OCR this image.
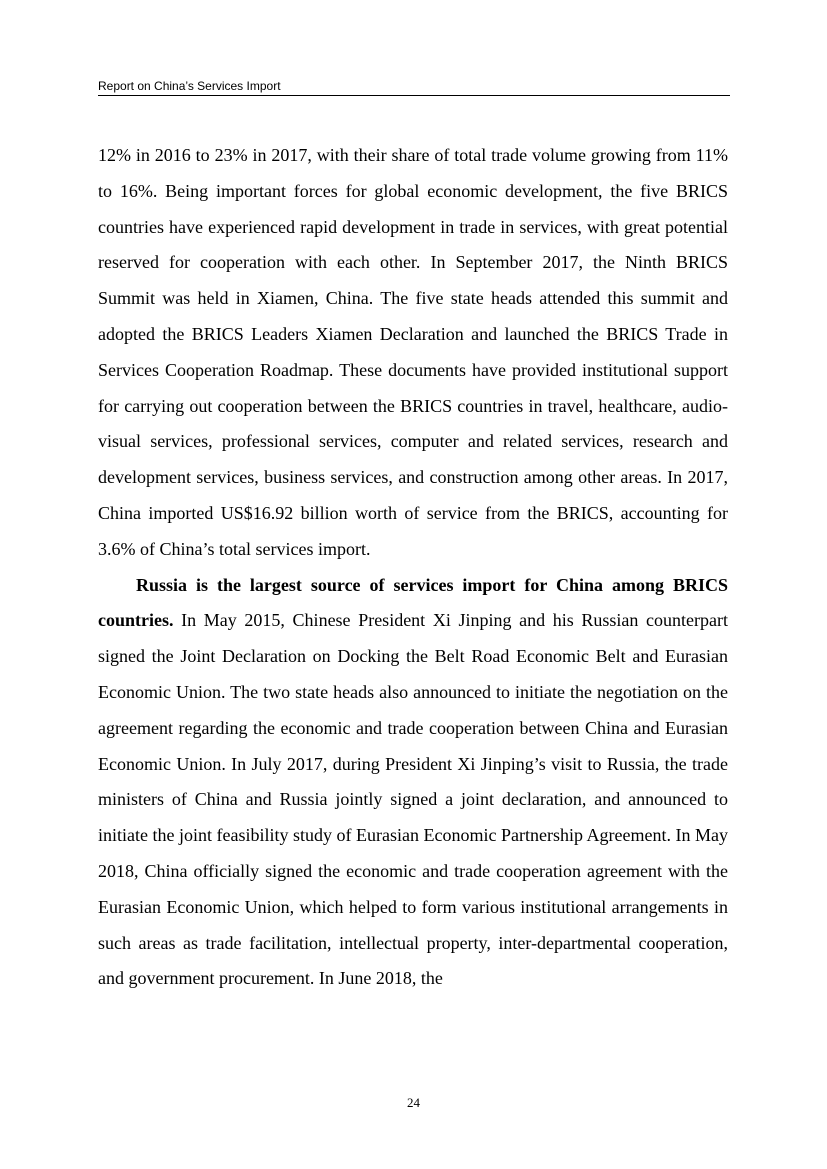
Report on China’s Services Import

12% in 2016 to 23% in 2017, with their share of total trade volume growing from 11% to 16%. Being important forces for global economic development, the five BRICS countries have experienced rapid development in trade in services, with great potential reserved for cooperation with each other. In September 2017, the Ninth BRICS Summit was held in Xiamen, China. The five state heads attended this summit and adopted the BRICS Leaders Xiamen Declaration and launched the BRICS Trade in Services Cooperation Roadmap. These documents have provided institutional support for carrying out cooperation between the BRICS countries in travel, healthcare, audio-visual services, professional services, computer and related services, research and development services, business services, and construction among other areas. In 2017, China imported US$16.92 billion worth of service from the BRICS, accounting for 3.6% of China’s total services import.

Russia is the largest source of services import for China among BRICS countries. In May 2015, Chinese President Xi Jinping and his Russian counterpart signed the Joint Declaration on Docking the Belt Road Economic Belt and Eurasian Economic Union. The two state heads also announced to initiate the negotiation on the agreement regarding the economic and trade cooperation between China and Eurasian Economic Union. In July 2017, during President Xi Jinping’s visit to Russia, the trade ministers of China and Russia jointly signed a joint declaration, and announced to initiate the joint feasibility study of Eurasian Economic Partnership Agreement. In May 2018, China officially signed the economic and trade cooperation agreement with the Eurasian Economic Union, which helped to form various institutional arrangements in such areas as trade facilitation, intellectual property, inter-departmental cooperation, and government procurement. In June 2018, the

24
